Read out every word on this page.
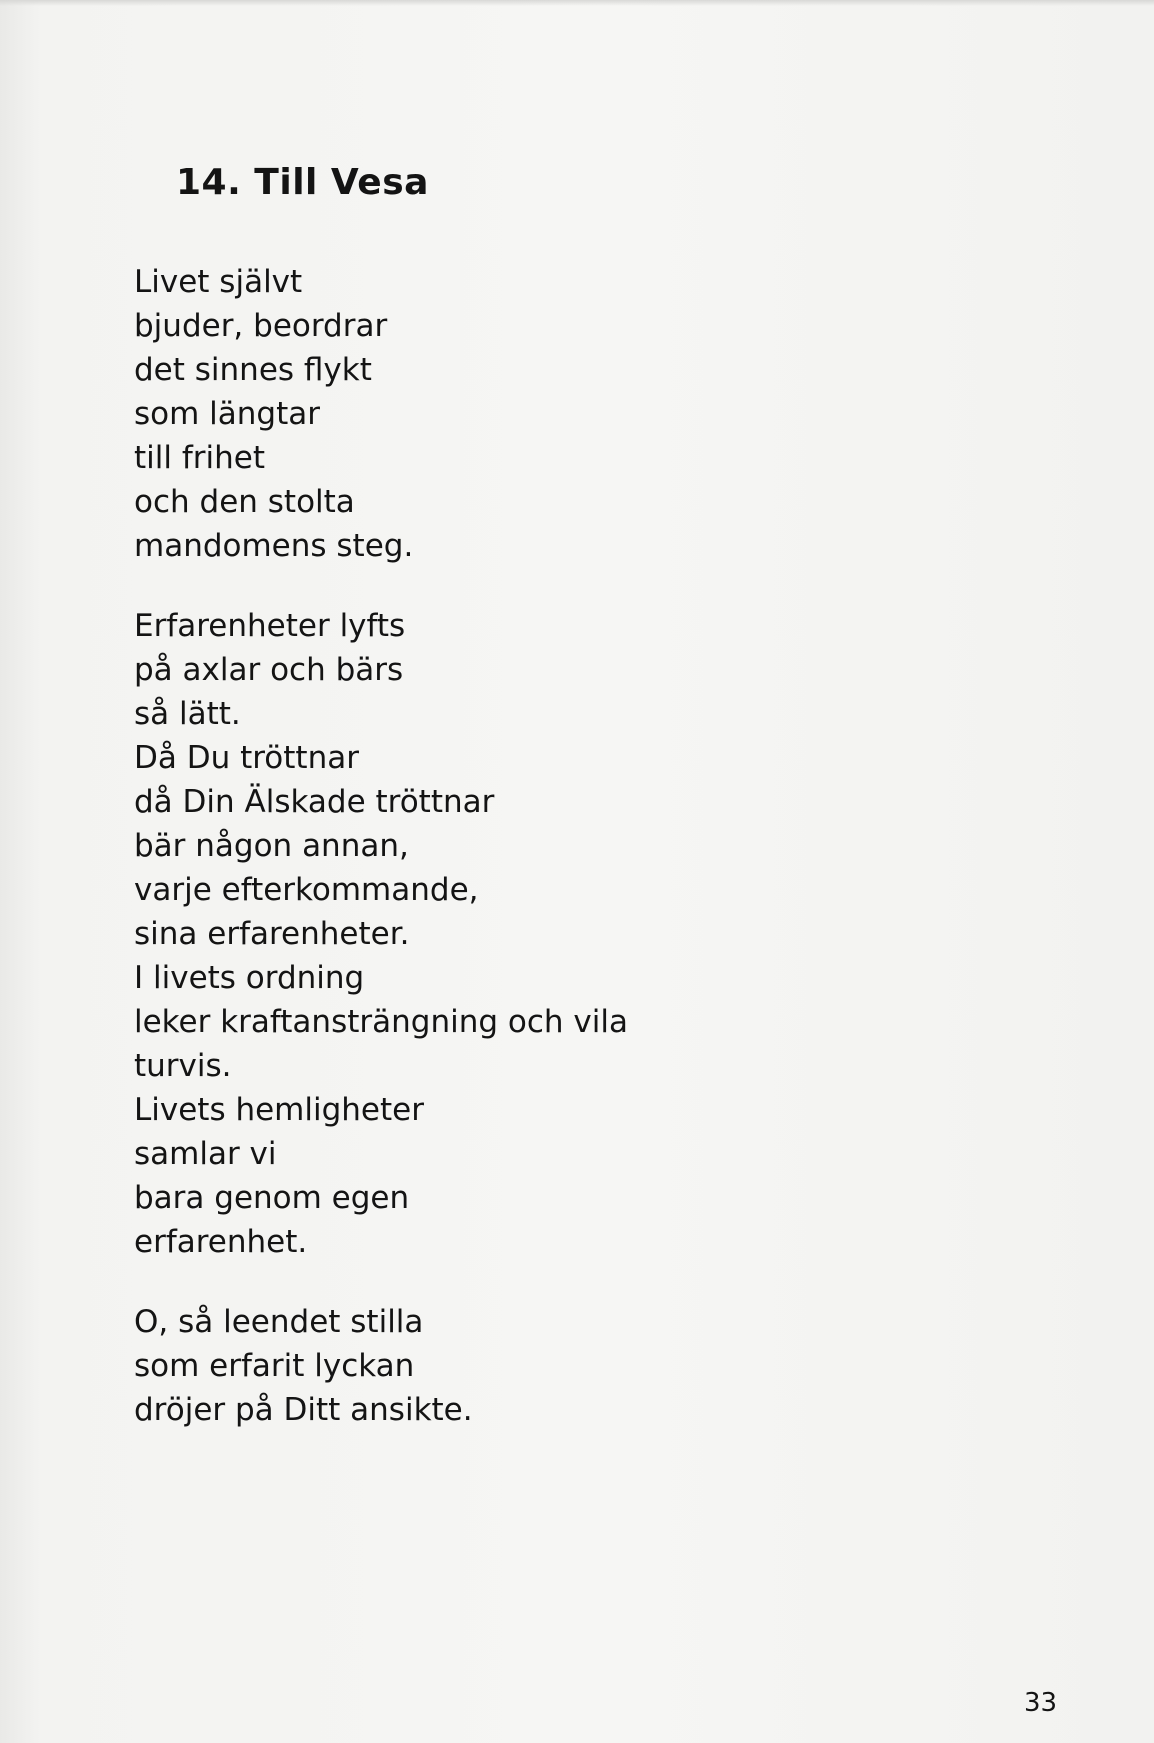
14. Till Vesa

Livet självt
bjuder, beordrar
det sinnes flykt
som längtar
till frihet
och den stolta
mandomens steg.

Erfarenheter lyfts
på axlar och bärs
så lätt.
Då Du tröttnar
då Din Älskade tröttnar
bär någon annan,
varje efterkommande,
sina erfarenheter.
I livets ordning
leker kraftansträngning och vila
turvis.
Livets hemligheter
samlar vi
bara genom egen
erfarenhet.

O, så leendet stilla
som erfarit lyckan
dröjer på Ditt ansikte.

33
